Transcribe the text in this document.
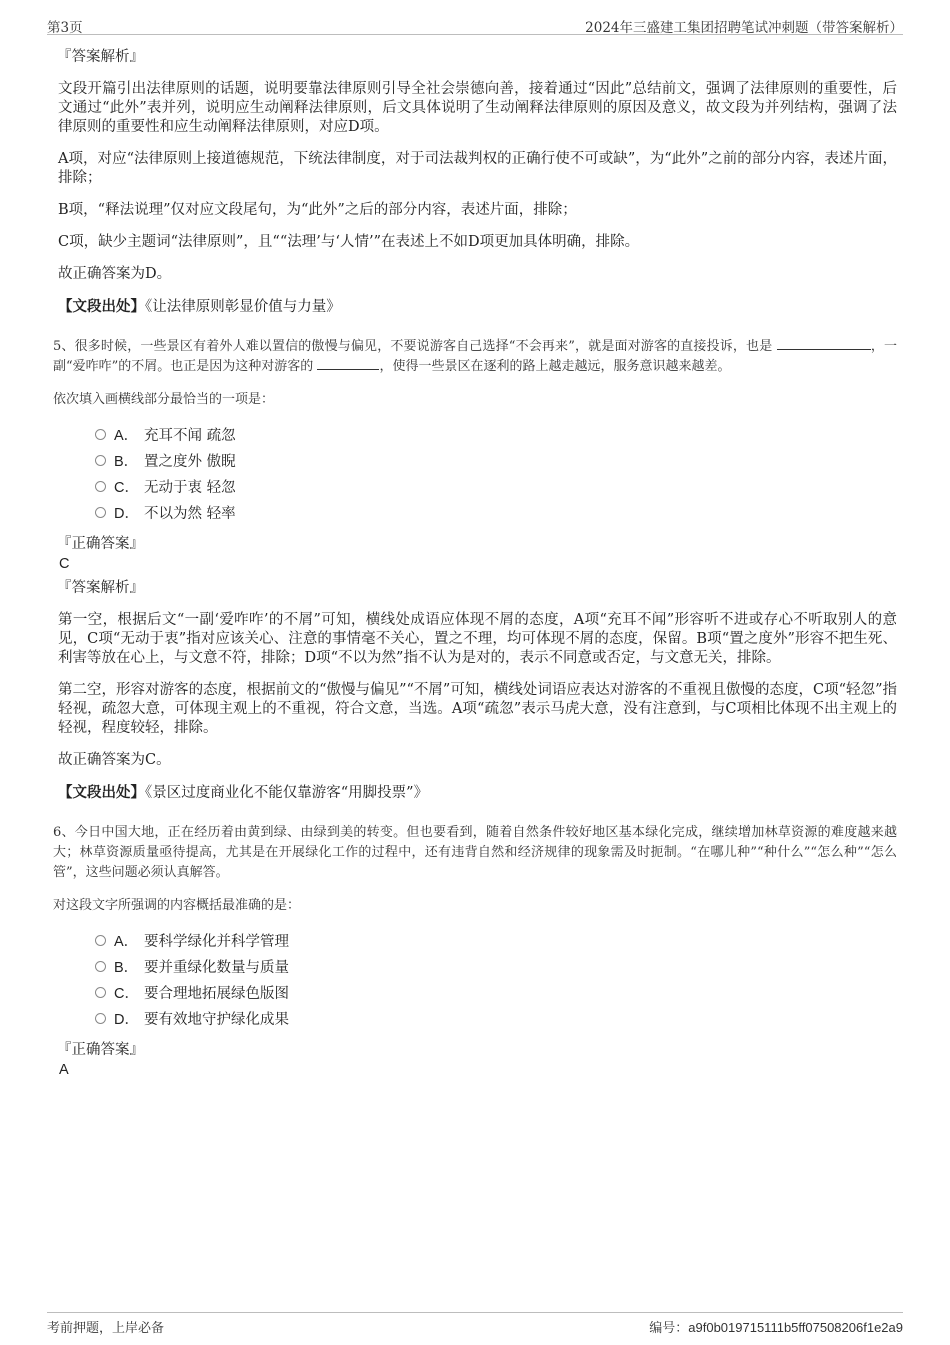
第3页	2024年三盛建工集团招聘笔试冲刺题（带答案解析）
『答案解析』

文段开篇引出法律原则的话题，说明要靠法律原则引导全社会崇德向善，接着通过“因此”总结前文，强调了法律原则的重要性，后文通过“此外”表并列，说明应生动阐释法律原则，后文具体说明了生动阐释法律原则的原因及意义，故文段为并列结构，强调了法律原则的重要性和应生动阐释法律原则，对应D项。

A项，对应“法律原则上接道德规范，下统法律制度，对于司法裁判权的正确行使不可或缺”，为“此外”之前的部分内容，表述片面，排除；

B项，“释法说理”仅对应文段尾句，为“此外”之后的部分内容，表述片面，排除；

C项，缺少主题词“法律原则”，且““法理’与‘人情’”在表述上不如D项更加具体明确，排除。

故正确答案为D。

【文段出处】《让法律原则彰显价值与力量》

5、很多时候，一些景区有着外人难以置信的傲慢与偏见，不要说游客自己选择“不会再来”，就是面对游客的直接投诉，也是	，一副“爱咋咋”的不屑。也正是因为这种对游客的	，使得一些景区在逐利的路上越走越远，服务意识越来越差。

依次填入画横线部分最恰当的一项是：

A． 充耳不闻 疏忽
B． 置之度外 傲睨
C． 无动于衷 轻忽
D． 不以为然 轻率
『正确答案』
C
『答案解析』

第一空，根据后文“一副‘爱咋咋’的不屑”可知，横线处成语应体现不屑的态度，A项“充耳不闻”形容听不进或存心不听取别人的意见，C项“无动于衷”指对应该关心、注意的事情毫不关心，置之不理，均可体现不屑的态度，保留。B项“置之度外”形容不把生死、利害等放在心上，与文意不符，排除；D项“不以为然”指不认为是对的，表示不同意或否定，与文意无关，排除。

第二空，形容对游客的态度，根据前文的“傲慢与偏见”“不屑”可知，横线处词语应表达对游客的不重视且傲慢的态度，C项“轻忽”指轻视，疏忽大意，可体现主观上的不重视，符合文意，当选。A项“疏忽”表示马虎大意，没有注意到，与C项相比体现不出主观上的轻视，程度较轻，排除。

故正确答案为C。

【文段出处】《景区过度商业化不能仅靠游客“用脚投票”》

6、今日中国大地，正在经历着由黄到绿、由绿到美的转变。但也要看到，随着自然条件较好地区基本绿化完成，继续增加林草资源的难度越来越大；林草资源质量亟待提高，尤其是在开展绿化工作的过程中，还有违背自然和经济规律的现象需及时扼制。“在哪儿种”“种什么”“怎么种”“怎么管”，这些问题必须认真解答。

对这段文字所强调的内容概括最准确的是：

A． 要科学绿化并科学管理
B． 要并重绿化数量与质量
C． 要合理地拓展绿色版图
D． 要有效地守护绿化成果
『正确答案』
A
考前押题，上岸必备	编号：a9f0b019715111b5ff07508206f1e2a9
